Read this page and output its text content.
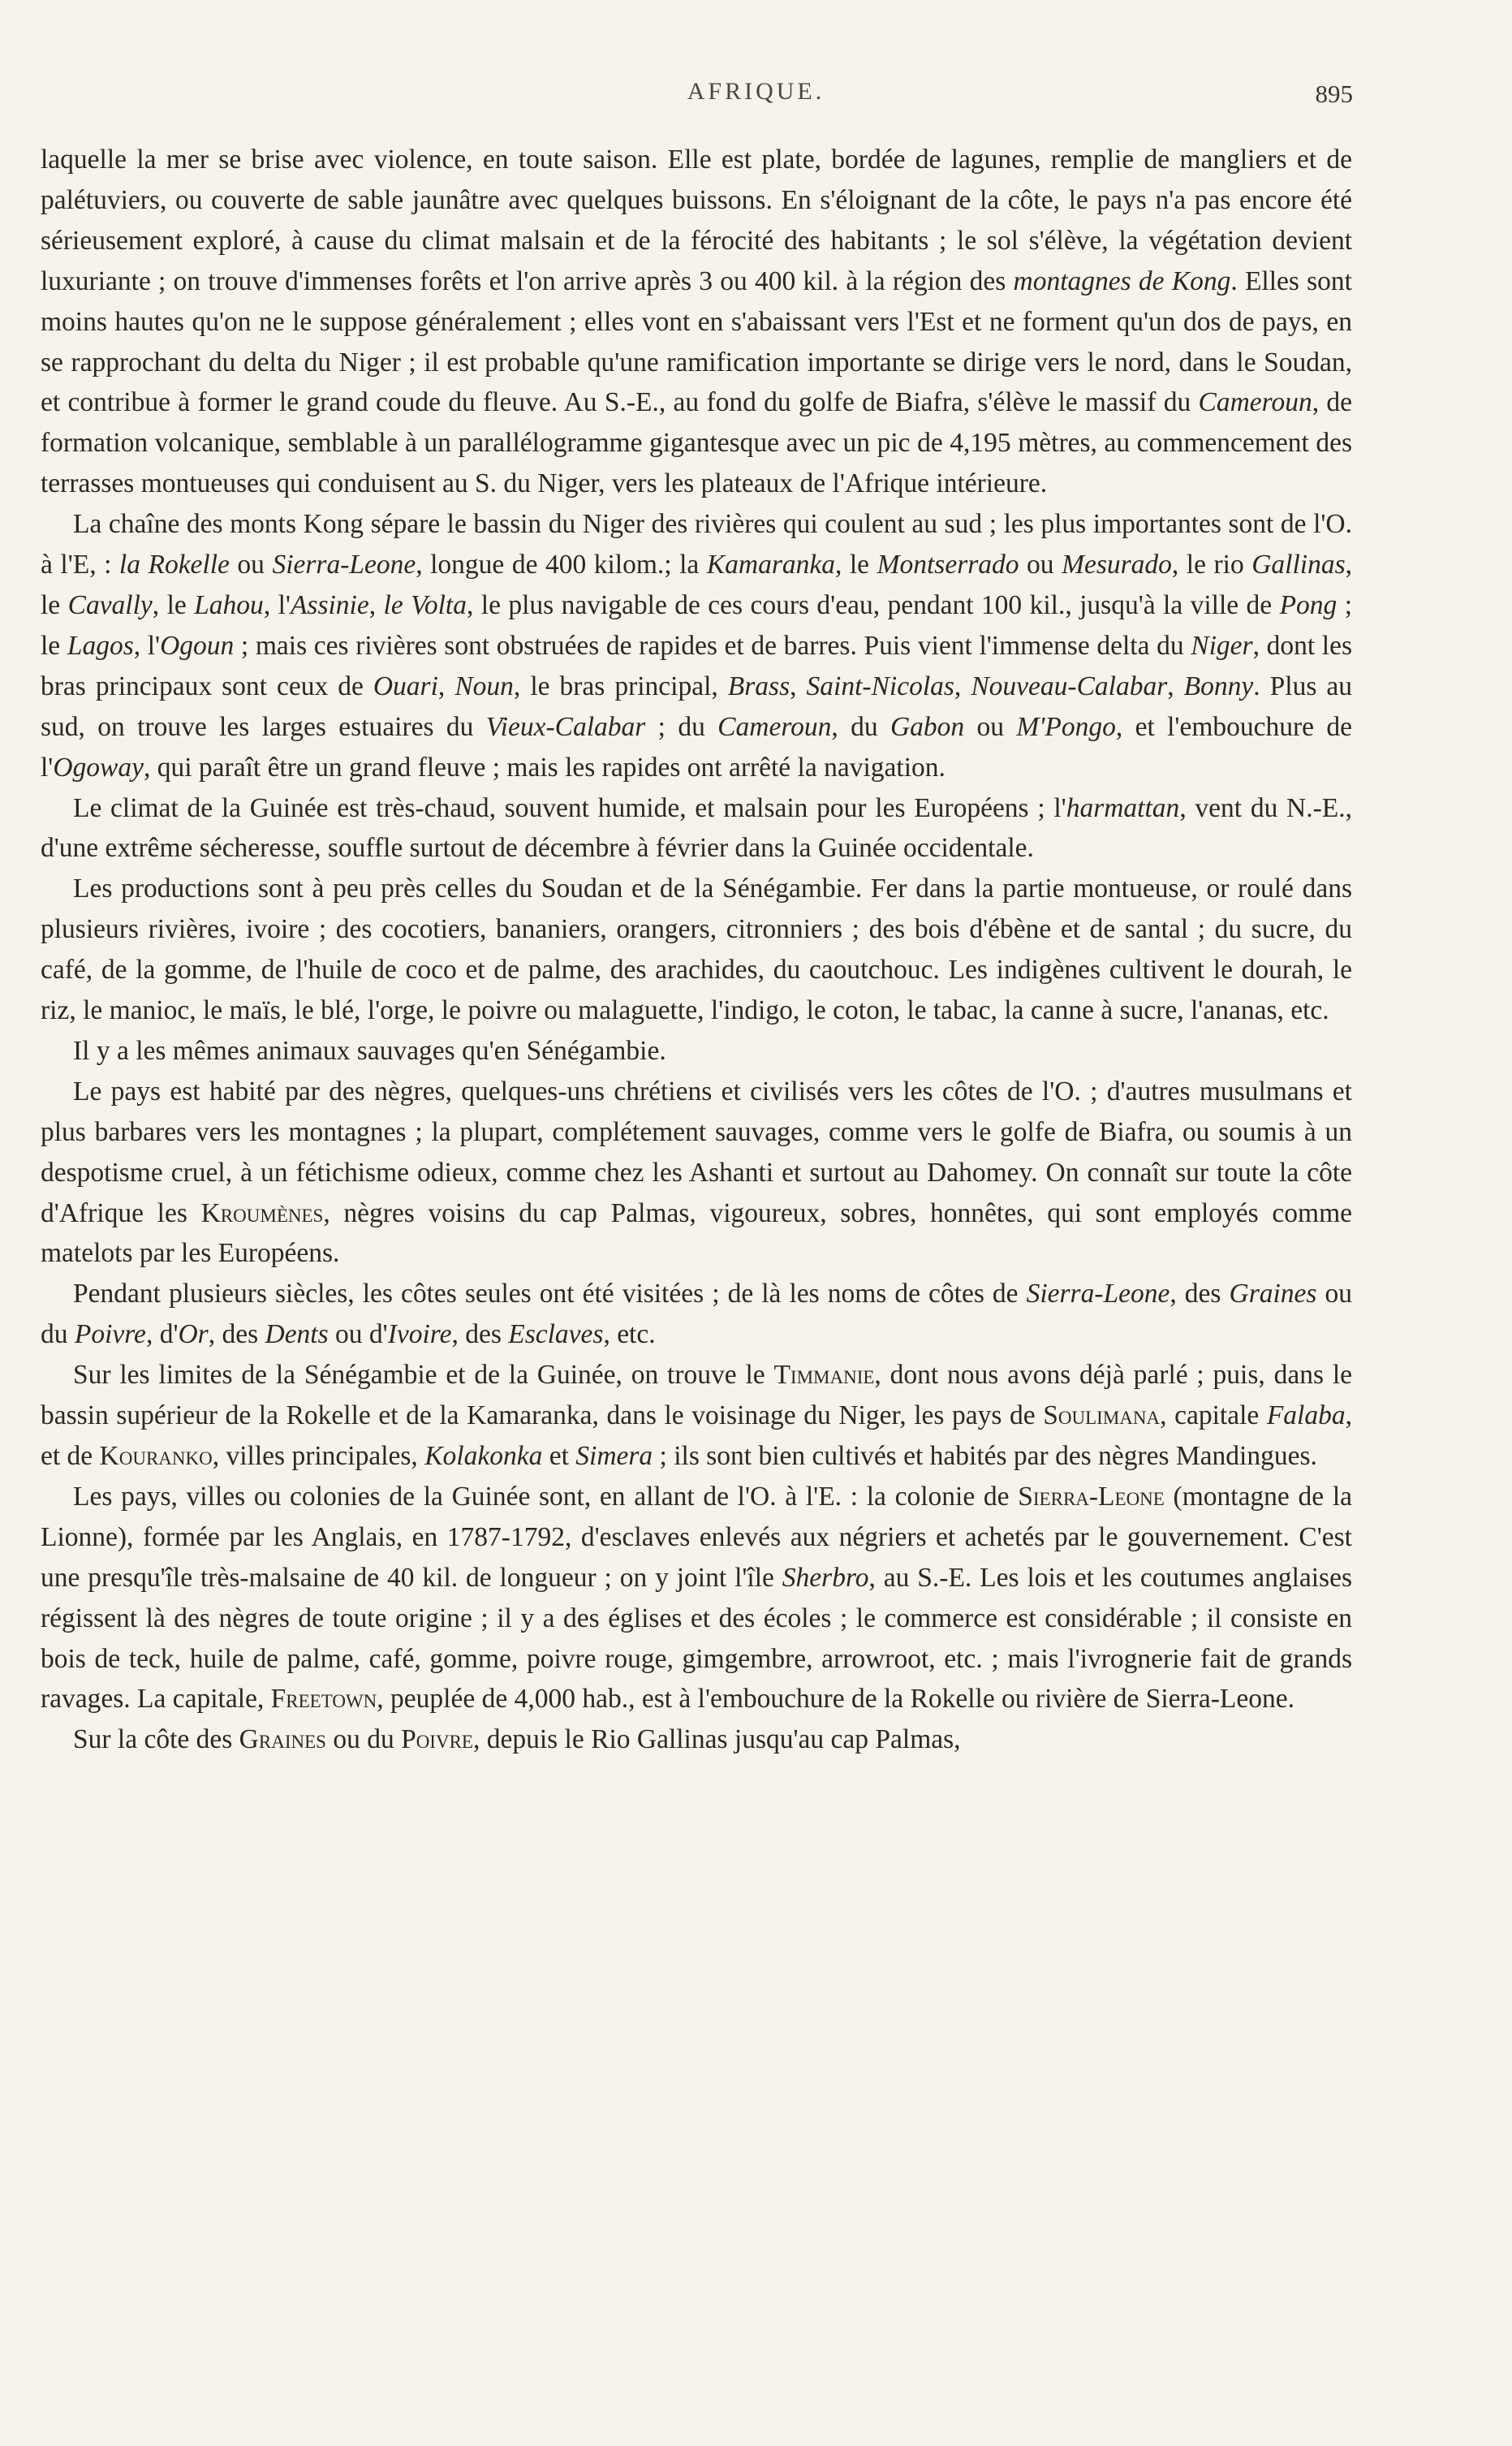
AFRIQUE.	895

laquelle la mer se brise avec violence, en toute saison. Elle est plate, bordée de lagunes, remplie de mangliers et de palétuviers, ou couverte de sable jaunâtre avec quelques buissons. En s'éloignant de la côte, le pays n'a pas encore été sérieusement exploré, à cause du climat malsain et de la férocité des habitants ; le sol s'élève, la végétation devient luxuriante ; on trouve d'immenses forêts et l'on arrive après 3 ou 400 kil. à la région des montagnes de Kong. Elles sont moins hautes qu'on ne le suppose généralement ; elles vont en s'abaissant vers l'Est et ne forment qu'un dos de pays, en se rapprochant du delta du Niger ; il est probable qu'une ramification importante se dirige vers le nord, dans le Soudan, et contribue à former le grand coude du fleuve. Au S.-E., au fond du golfe de Biafra, s'élève le massif du Cameroun, de formation volcanique, semblable à un parallélogramme gigantesque avec un pic de 4,195 mètres, au commencement des terrasses montueuses qui conduisent au S. du Niger, vers les plateaux de l'Afrique intérieure.

La chaîne des monts Kong sépare le bassin du Niger des rivières qui coulent au sud ; les plus importantes sont de l'O. à l'E, : la Rokelle ou Sierra-Leone, longue de 400 kilom.; la Kamaranka, le Montserrado ou Mesurado, le rio Gallinas, le Cavally, le Lahou, l'Assinie, le Volta, le plus navigable de ces cours d'eau, pendant 100 kil., jusqu'à la ville de Pong ; le Lagos, l'Ogoun ; mais ces rivières sont obstruées de rapides et de barres. Puis vient l'immense delta du Niger, dont les bras principaux sont ceux de Ouari, Noun, le bras principal, Brass, Saint-Nicolas, Nouveau-Calabar, Bonny. Plus au sud, on trouve les larges estuaires du Vieux-Calabar ; du Cameroun, du Gabon ou M'Pongo, et l'embouchure de l'Ogoway, qui paraît être un grand fleuve ; mais les rapides ont arrêté la navigation.

Le climat de la Guinée est très-chaud, souvent humide, et malsain pour les Européens ; l'harmattan, vent du N.-E., d'une extrême sécheresse, souffle surtout de décembre à février dans la Guinée occidentale.

Les productions sont à peu près celles du Soudan et de la Sénégambie. Fer dans la partie montueuse, or roulé dans plusieurs rivières, ivoire ; des cocotiers, bananiers, orangers, citronniers ; des bois d'ébène et de santal ; du sucre, du café, de la gomme, de l'huile de coco et de palme, des arachides, du caoutchouc. Les indigènes cultivent le dourah, le riz, le manioc, le maïs, le blé, l'orge, le poivre ou malaguette, l'indigo, le coton, le tabac, la canne à sucre, l'ananas, etc.

Il y a les mêmes animaux sauvages qu'en Sénégambie.

Le pays est habité par des nègres, quelques-uns chrétiens et civilisés vers les côtes de l'O. ; d'autres musulmans et plus barbares vers les montagnes ; la plupart, complétement sauvages, comme vers le golfe de Biafra, ou soumis à un despotisme cruel, à un fétichisme odieux, comme chez les Ashanti et surtout au Dahomey. On connaît sur toute la côte d'Afrique les Kroumènes, nègres voisins du cap Palmas, vigoureux, sobres, honnêtes, qui sont employés comme matelots par les Européens.

Pendant plusieurs siècles, les côtes seules ont été visitées ; de là les noms de côtes de Sierra-Leone, des Graines ou du Poivre, d'Or, des Dents ou d'Ivoire, des Esclaves, etc.

Sur les limites de la Sénégambie et de la Guinée, on trouve le Timmanie, dont nous avons déjà parlé ; puis, dans le bassin supérieur de la Rokelle et de la Kamaranka, dans le voisinage du Niger, les pays de Soulimana, capitale Falaba, et de Kouranko, villes principales, Kolakonka et Simera ; ils sont bien cultivés et habités par des nègres Mandingues.

Les pays, villes ou colonies de la Guinée sont, en allant de l'O. à l'E. : la colonie de Sierra-Leone (montagne de la Lionne), formée par les Anglais, en 1787-1792, d'esclaves enlevés aux négriers et achetés par le gouvernement. C'est une presqu'île très-malsaine de 40 kil. de longueur ; on y joint l'île Sherbro, au S.-E. Les lois et les coutumes anglaises régissent là des nègres de toute origine ; il y a des églises et des écoles ; le commerce est considérable ; il consiste en bois de teck, huile de palme, café, gomme, poivre rouge, gimgembre, arrowroot, etc. ; mais l'ivrognerie fait de grands ravages. La capitale, Freetown, peuplée de 4,000 hab., est à l'embouchure de la Rokelle ou rivière de Sierra-Leone.

Sur la côte des Graines ou du Poivre, depuis le Rio Gallinas jusqu'au cap Palmas,
